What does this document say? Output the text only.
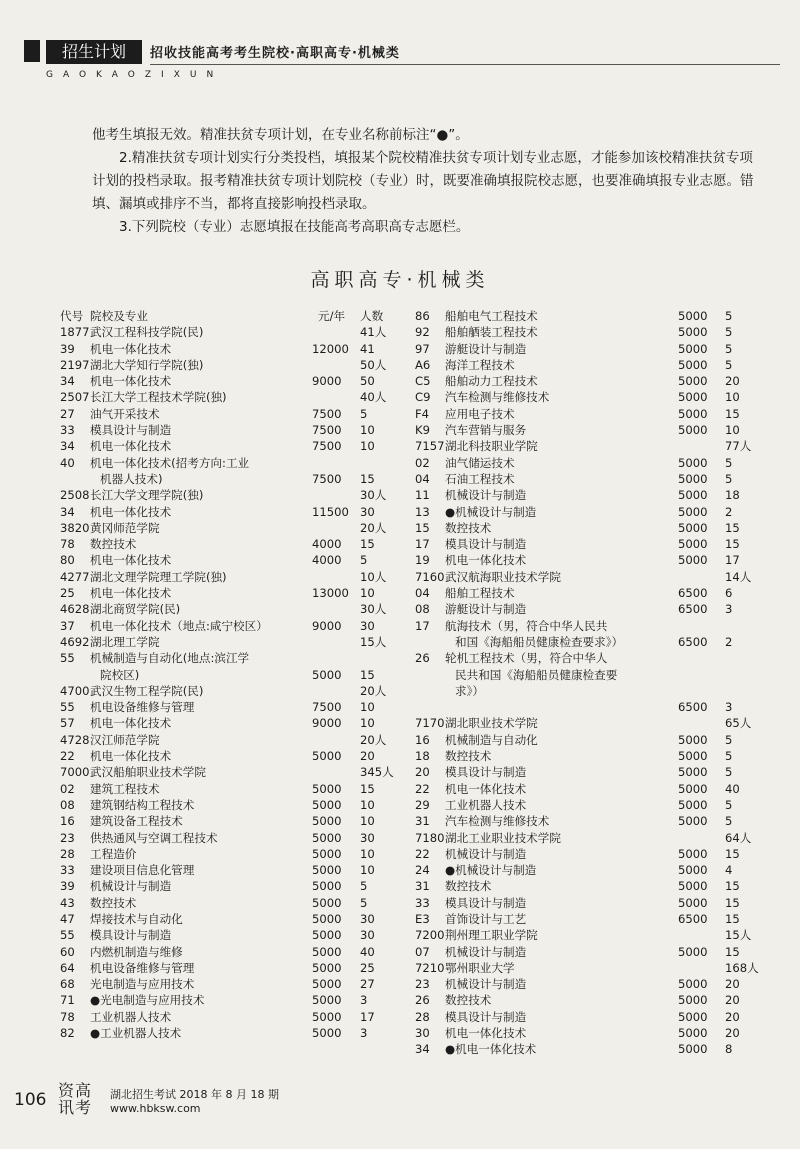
招生计划	招收技能高考考生院校·高职高专·机械类
GAOKAOZIXUN

他考生填报无效。精准扶贫专项计划，在专业名称前标注“●”。

2.精准扶贫专项计划实行分类投档，填报某个院校精准扶贫专项计划专业志愿，才能参加该校精准扶贫专项计划的投档录取。报考精准扶贫专项计划院校（专业）时，既要准确填报院校志愿，也要准确填报专业志愿。错填、漏填或排序不当，都将直接影响投档录取。

3.下列院校（专业）志愿填报在技能高考高职高专志愿栏。

高职高专·机械类
代号 院校及专业	元/年 人数
1877 武汉工程科技学院(民)	41人
39 机电一体化技术	12000 41
2197 湖北大学知行学院(独)	50人
34 机电一体化技术	9000 50
2507 长江大学工程技术学院(独)	40人
27 油气开采技术	7500 5
33 模具设计与制造	7500 10
34 机电一体化技术	7500 10
40 机电一体化技术(招考方向:工业
机器人技术)	7500 15
2508 长江大学文理学院(独)	30人
34 机电一体化技术	11500 30
3820 黄冈师范学院	20人
78 数控技术	4000 15
80 机电一体化技术	4000 5
4277 湖北文理学院理工学院(独)	10人
25 机电一体化技术	13000 10
4628 湖北商贸学院(民)	30人
37 机电一体化技术（地点:咸宁校区）	9000 30
4692 湖北理工学院	15人
55 机械制造与自动化(地点:滨江学
院校区)	5000 15
4700 武汉生物工程学院(民)	20人
55 机电设备维修与管理	7500 10
57 机电一体化技术	9000 10
4728 汉江师范学院	20人
22 机电一体化技术	5000 20
7000 武汉船舶职业技术学院	345人
02 建筑工程技术	5000 15
08 建筑钢结构工程技术	5000 10
16 建筑设备工程技术	5000 10
23 供热通风与空调工程技术	5000 30
28 工程造价	5000 10
33 建设项目信息化管理	5000 10
39 机械设计与制造	5000 5
43 数控技术	5000 5
47 焊接技术与自动化	5000 30
55 模具设计与制造	5000 30
60 内燃机制造与维修	5000 40
64 机电设备维修与管理	5000 25
68 光电制造与应用技术	5000 27
71 ●光电制造与应用技术	5000 3
78 工业机器人技术	5000 17
82 ●工业机器人技术	5000 3
86 船舶电气工程技术	5000 5
92 船舶舾装工程技术	5000 5
97 游艇设计与制造	5000 5
A6 海洋工程技术	5000 5
C5 船舶动力工程技术	5000 20
C9 汽车检测与维修技术	5000 10
F4 应用电子技术	5000 15
K9 汽车营销与服务	5000 10
7157 湖北科技职业学院	77人
02 油气储运技术	5000 5
04 石油工程技术	5000 5
11 机械设计与制造	5000 18
13 ●机械设计与制造	5000 2
15 数控技术	5000 15
17 模具设计与制造	5000 15
19 机电一体化技术	5000 17
7160 武汉航海职业技术学院	14人
04 船舶工程技术	6500 6
08 游艇设计与制造	6500 3
17 航海技术（男，符合中华人民共
和国《海船船员健康检查要求》）	6500 2
26 轮机工程技术（男，符合中华人
民共和国《海船船员健康检查要
求》）
6500 3
7170 湖北职业技术学院	65人
16 机械制造与自动化	5000 5
18 数控技术	5000 5
20 模具设计与制造	5000 5
22 机电一体化技术	5000 40
29 工业机器人技术	5000 5
31 汽车检测与维修技术	5000 5
7180 湖北工业职业技术学院	64人
22 机械设计与制造	5000 15
24 ●机械设计与制造	5000 4
31 数控技术	5000 15
33 模具设计与制造	5000 15
E3 首饰设计与工艺	6500 15
7200 荆州理工职业学院	15人
07 机械设计与制造	5000 15
7210 鄂州职业大学	168人
23 机械设计与制造	5000 20
26 数控技术	5000 20
28 模具设计与制造	5000 20
30 机电一体化技术	5000 20
34 ●机电一体化技术	5000 8
106 资高
讯考
湖北招生考试 2018 年 8 月 18 期
www.hbksw.com
